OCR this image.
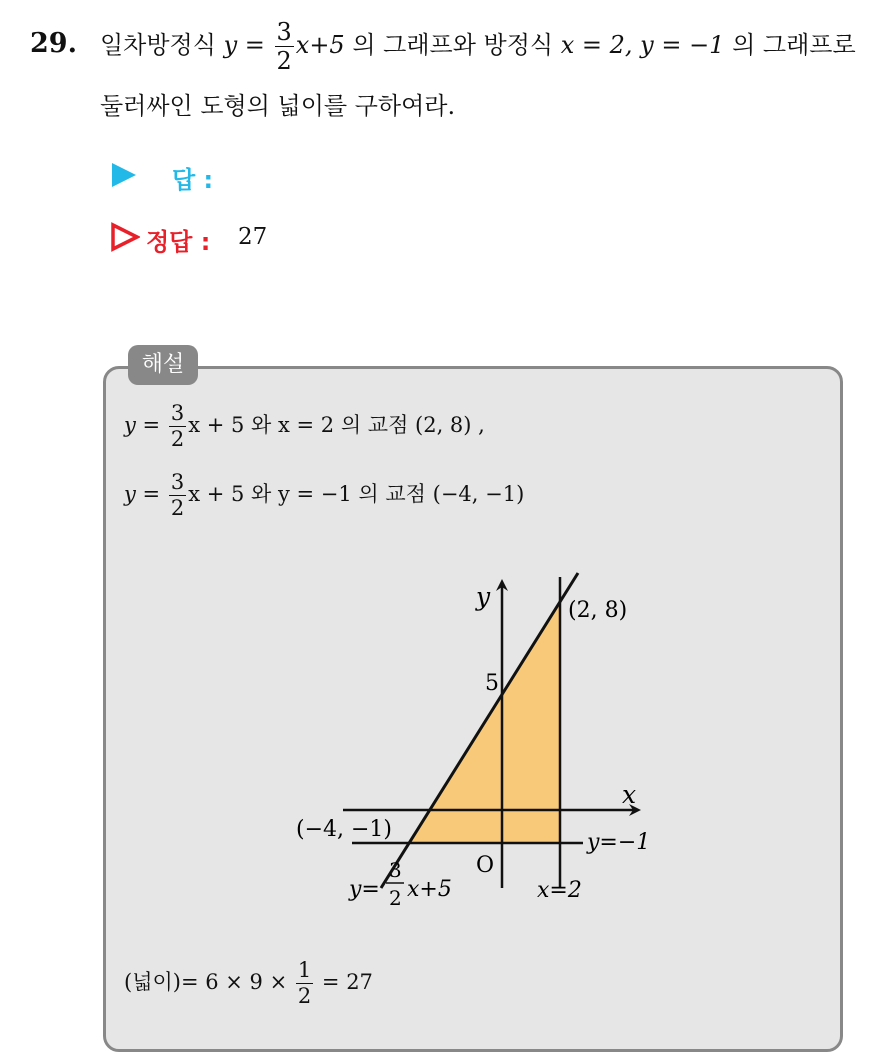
29. 일차방정식 $y = \frac{3}{2} x+5$ 의 그래프와 방정식 x = 2, y = −1 의 그래프로
둘러싸인 도형의 넓이를 구하여라.
답 :
정답 : 27
해설
$y = \frac{3}{2}$ x + 5 와 x = 2 의 교점 (2, 8) ,
$y = \frac{3}{2}$ x + 5 와 y = −1 의 교점 (−4, −1)
y
x
O
5
(2, 8)
(−4, −1)
y=−1
x=2
y=
3
2 x+5
(넓이)= $6 \times 9 \times \frac{1}{2} = 27$
